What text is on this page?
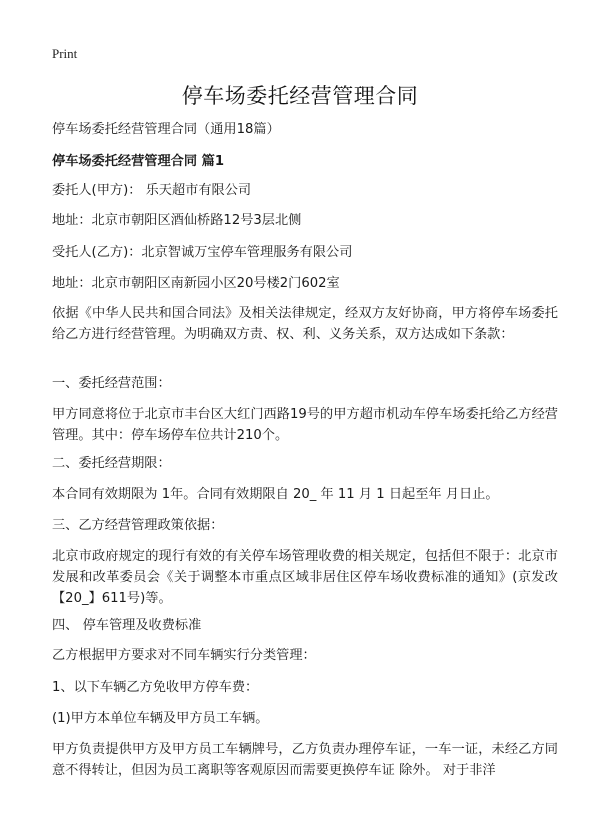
Print
停车场委托经营管理合同
停车场委托经营管理合同（通用18篇）
停车场委托经营管理合同 篇1
委托人(甲方)： 乐天超市有限公司
地址：北京市朝阳区酒仙桥路12号3层北侧
受托人(乙方)：北京智诚万宝停车管理服务有限公司
地址：北京市朝阳区南新园小区20号楼2门602室
依据《中华人民共和国合同法》及相关法律规定，经双方友好协商，甲方将停车场委托给乙方进行经营管理。为明确双方责、权、利、义务关系，双方达成如下条款：
一、委托经营范围：
甲方同意将位于北京市丰台区大红门西路19号的甲方超市机动车停车场委托给乙方经营管理。其中：停车场停车位共计210个。
二、委托经营期限：
本合同有效期限为 1年。合同有效期限自 20_ 年 11 月 1 日起至年 月日止。
三、乙方经营管理政策依据：
北京市政府规定的现行有效的有关停车场管理收费的相关规定，包括但不限于：北京市发展和改革委员会《关于调整本市重点区域非居住区停车场收费标准的通知》(京发改【20_】611号)等。
四、 停车管理及收费标准
乙方根据甲方要求对不同车辆实行分类管理：
1、以下车辆乙方免收甲方停车费：
(1)甲方本单位车辆及甲方员工车辆。
甲方负责提供甲方及甲方员工车辆牌号，乙方负责办理停车证，一车一证，未经乙方同意不得转让，但因为员工离职等客观原因而需要更换停车证 除外。 对于非洋
